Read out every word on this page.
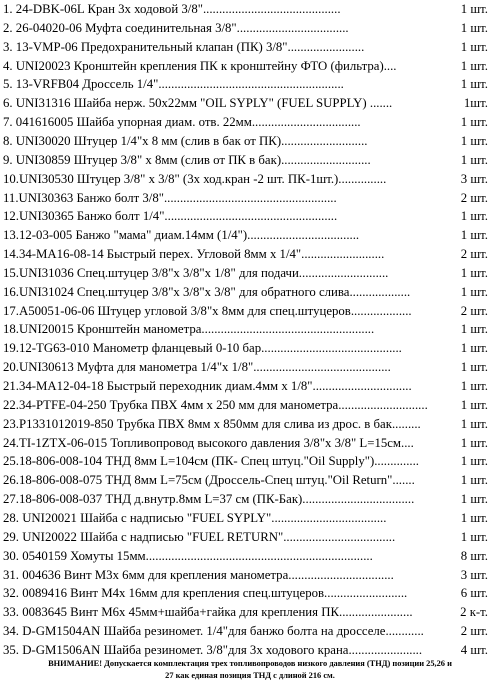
1. 24-DBK-06L Кран 3х ходовой 3/8"...........................................	1 шт.
2. 26-04020-06 Муфта соединительная 3/8"...................................	1 шт.
3. 13-VMP-06 Предохранительный клапан (ПК) 3/8"........................	1 шт.
4. UNI20023 Кронштейн крепления ПК к кронштейну ФТО (фильтра)....	1 шт.
5. 13-VRFB04 Дроссель 1/4"..........................................................	1 шт.
6. UNI31316 Шайба нерж. 50х22мм "OIL SYPLY" (FUEL SUPPLY) .......	1шт.
7. 041616005 Шайба упорная диам. отв. 22мм..................................	1 шт.
8. UNI30020 Штуцер 1/4"х 8 мм (слив в бак от ПК)...........................	1 шт.
9. UNI30859 Штуцер 3/8" х 8мм (слив от ПК в бак)............................	1 шт.
10.UNI30530 Штуцер 3/8" х 3/8" (3х ход.кран -2 шт. ПК-1шт.)...............	3 шт.
11.UNI30363 Банжо болт 3/8"......................................................	2 шт.
12.UNI30365 Банжо болт 1/4"......................................................	1 шт.
13.12-03-005 Банжо "мама" диам.14мм (1/4")...................................	1 шт.
14.34-MA16-08-14 Быстрый перех. Угловой 8мм х 1/4"..........................	2 шт.
15.UNI31036 Спец.штуцер 3/8"х 3/8"х 1/8" для подачи............................	1 шт.
16.UNI31024 Спец.штуцер 3/8"х 3/8"х 3/8" для обратного слива...................	1 шт.
17.A50051-06-06 Штуцер угловой 3/8"х 8мм для спец.штуцеров...................	2 шт.
18.UNI20015 Кронштейн манометра......................................................	1 шт.
19.12-TG63-010 Манометр фланцевый 0-10 бар............................................	1 шт.
20.UNI30613 Муфта для манометра 1/4"х 1/8"...........................................	1 шт.
21.34-MA12-04-18 Быстрый переходник диам.4мм х 1/8"...............................	1 шт.
22.34-PTFE-04-250 Трубка ПВХ 4мм х 250 мм для манометра............................	1 шт.
23.P1331012019-850 Трубка ПВХ 8мм х 850мм для слива из дрос. в бак.........	1 шт.
24.TI-1ZTX-06-015 Топливопровод высокого давления 3/8"х 3/8" L=15см....	1 шт.
25.18-806-008-104 ТНД 8мм L=104см (ПК- Спец штуц."Oil Supply")..............	1 шт.
26.18-806-008-075 ТНД 8мм L=75см (Дроссель-Спец штуц."Oil Return".......	1 шт.
27.18-806-008-037 ТНД д.внутр.8мм L=37 см (ПК-Бак)...................................	1 шт.
28. UNI20021 Шайба с надписью "FUEL SYPLY"....................................	1 шт.
29. UNI20022 Шайба с надписью "FUEL RETURN"...................................	1 шт.
30. 0540159 Хомуты 15мм.......................................................................	8 шт.
31. 004636 Винт М3х 6мм для крепления манометра.................................	3 шт.
32. 0089416 Винт М4х 16мм для крепления спец.штуцеров..........................	6 шт.
33. 0083645 Винт М6х 45мм+шайба+гайка для крепления ПК.......................	2 к-т.
34. D-GM1504AN Шайба резиномет. 1/4"для банжо болта на дросселе............	2 шт.
35. D-GM1506AN Шайба резиномет. 3/8"для 3х ходового крана.......................	4 шт.
ВНИМАНИЕ! Допускается комплектация трех топливопроводов низкого давления (ТНД) позиции 25,26 и
27 как единая позиция ТНД с длиной 216 см.
